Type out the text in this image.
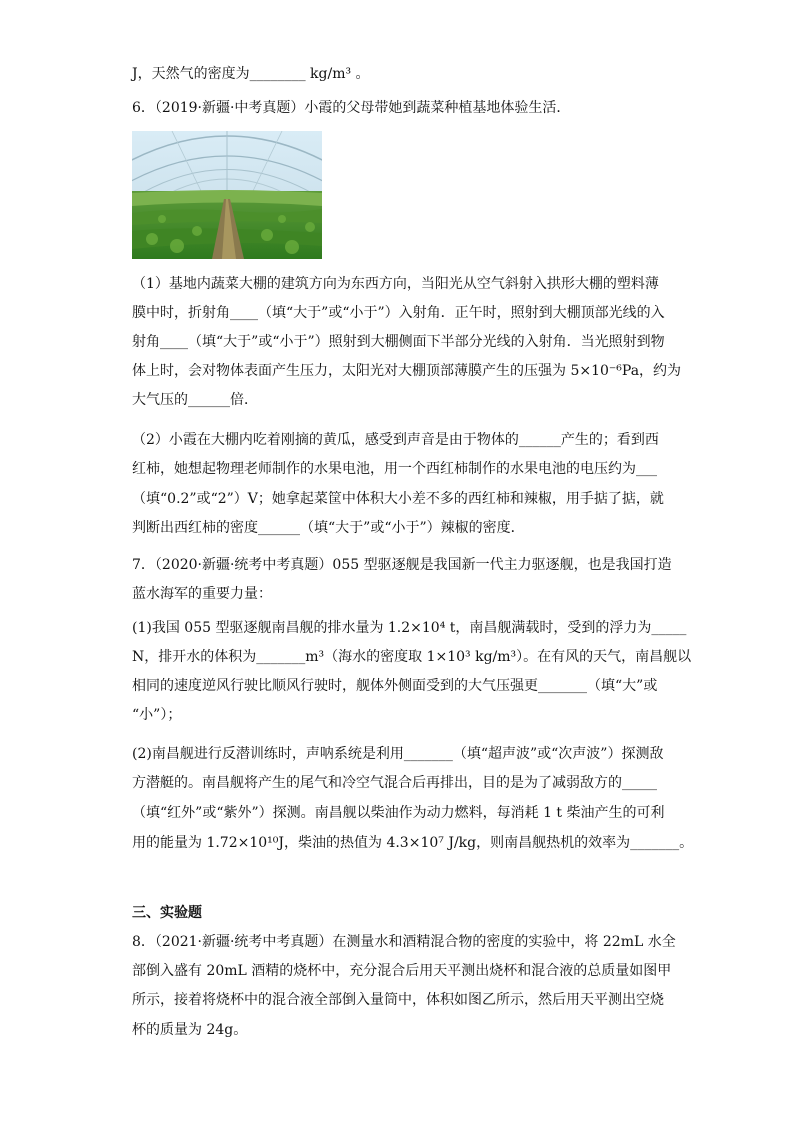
J，天然气的密度为________ kg/m³ 。
6．（2019·新疆·中考真题）小霞的父母带她到蔬菜种植基地体验生活．
（1）基地内蔬菜大棚的建筑方向为东西方向，当阳光从空气斜射入拱形大棚的塑料薄
膜中时，折射角____（填“大于”或“小于”）入射角．正午时，照射到大棚顶部光线的入
射角____（填“大于”或“小于”）照射到大棚侧面下半部分光线的入射角．当光照射到物
体上时，会对物体表面产生压力，太阳光对大棚顶部薄膜产生的压强为 5×10⁻⁶Pa，约为
大气压的______倍．
（2）小霞在大棚内吃着刚摘的黄瓜，感受到声音是由于物体的______产生的；看到西
红柿，她想起物理老师制作的水果电池，用一个西红柿制作的水果电池的电压约为___
（填“0.2”或“2”）V；她拿起菜筐中体积大小差不多的西红柿和辣椒，用手掂了掂，就
判断出西红柿的密度______（填“大于”或“小于”）辣椒的密度．
7．（2020·新疆·统考中考真题）055 型驱逐舰是我国新一代主力驱逐舰，也是我国打造
蓝水海军的重要力量：
(1)我国 055 型驱逐舰南昌舰的排水量为 1.2×10⁴ t，南昌舰满载时，受到的浮力为_____
N，排开水的体积为_______m³（海水的密度取 1×10³ kg/m³）。在有风的天气，南昌舰以
相同的速度逆风行驶比顺风行驶时，舰体外侧面受到的大气压强更_______（填“大”或
“小”）；
(2)南昌舰进行反潜训练时，声呐系统是利用_______（填“超声波”或“次声波”）探测敌
方潜艇的。南昌舰将产生的尾气和冷空气混合后再排出，目的是为了减弱敌方的_____
（填“红外”或“紫外”）探测。南昌舰以柴油作为动力燃料，每消耗 1 t 柴油产生的可利
用的能量为 1.72×10¹⁰J，柴油的热值为 4.3×10⁷ J/kg，则南昌舰热机的效率为_______。
三、实验题
8．（2021·新疆·统考中考真题）在测量水和酒精混合物的密度的实验中，将 22mL 水全
部倒入盛有 20mL 酒精的烧杯中，充分混合后用天平测出烧杯和混合液的总质量如图甲
所示，接着将烧杯中的混合液全部倒入量筒中，体积如图乙所示，然后用天平测出空烧
杯的质量为 24g。
